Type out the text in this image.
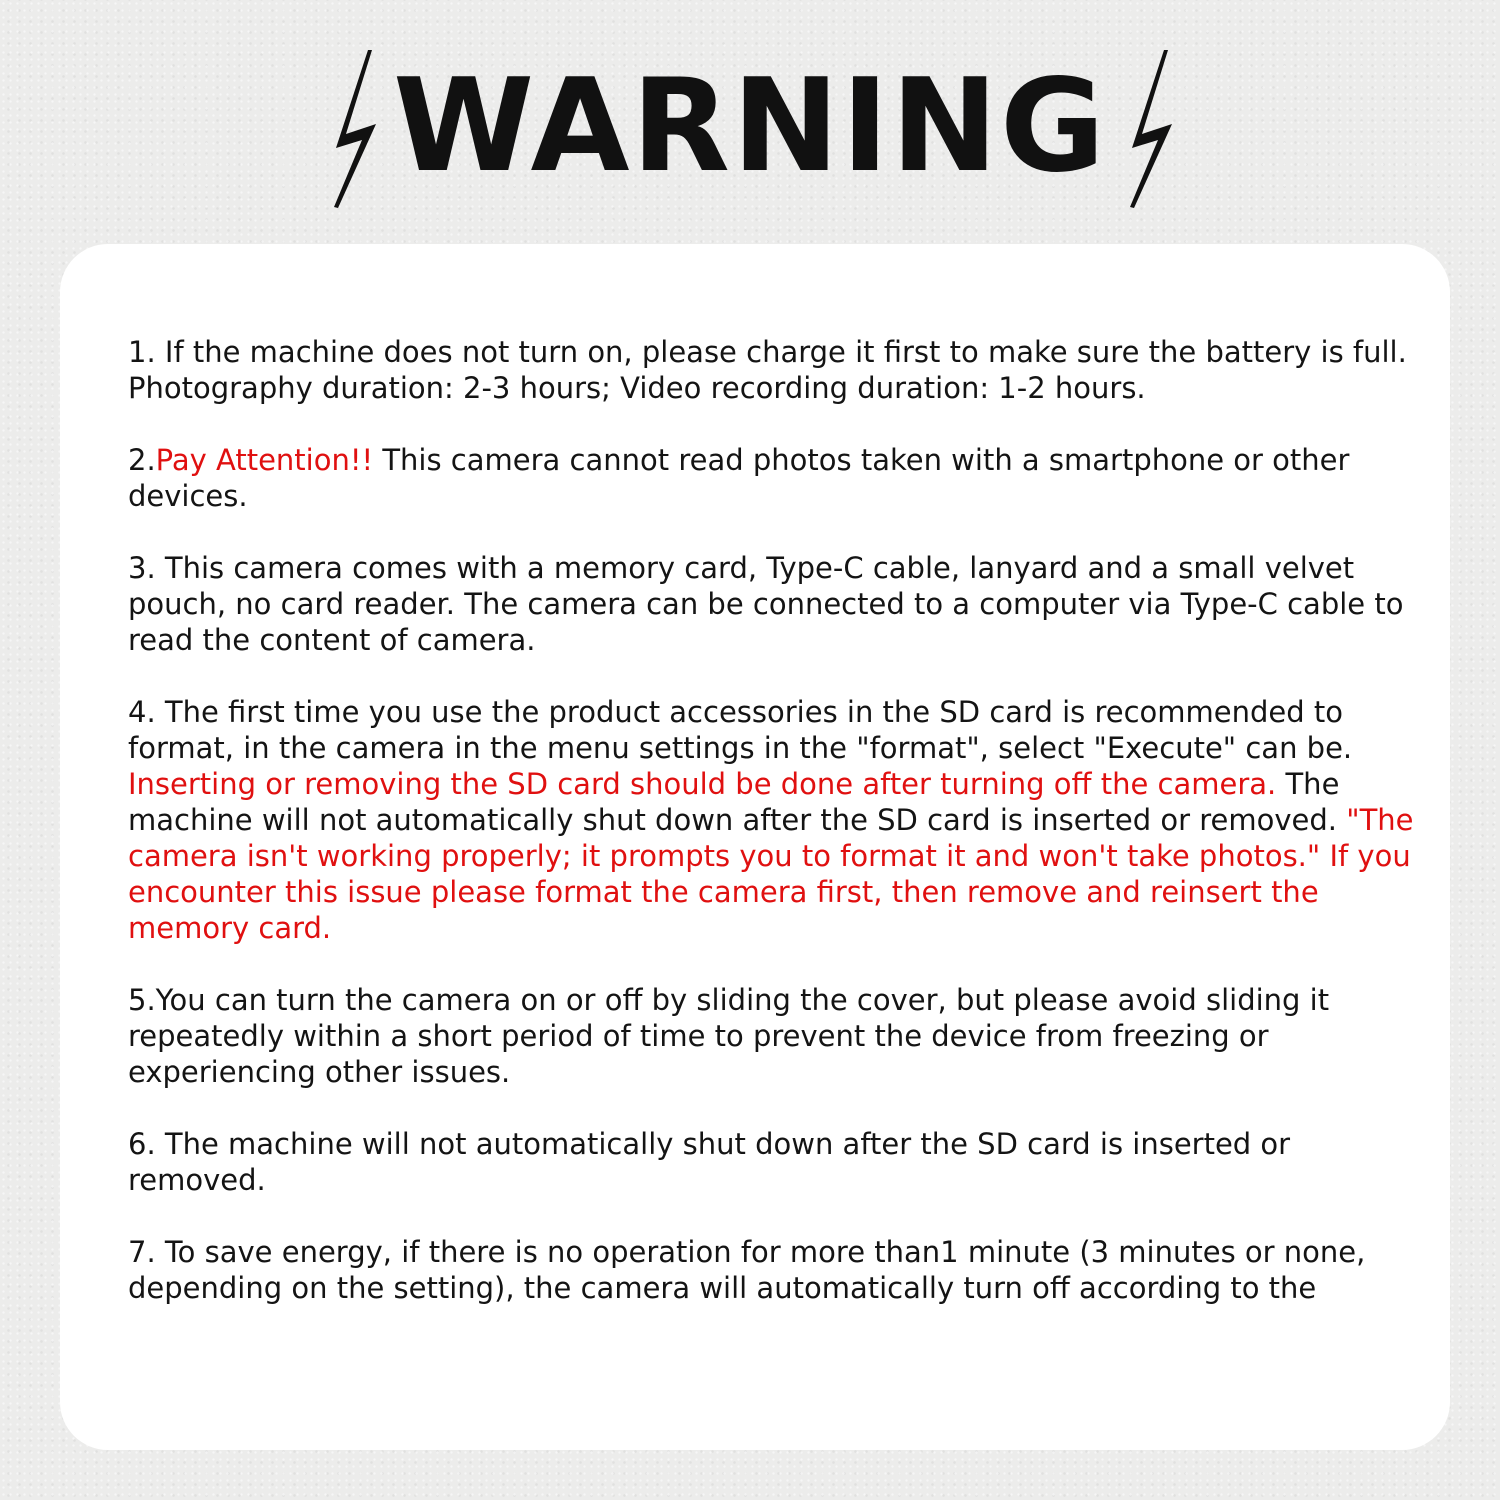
WARNING

1. If the machine does not turn on, please charge it first to make sure the battery is full. Photography duration: 2-3 hours; Video recording duration: 1-2 hours.

2.Pay Attention!! This camera cannot read photos taken with a smartphone or other devices.

3. This camera comes with a memory card, Type-C cable, lanyard and a small velvet pouch, no card reader. The camera can be connected to a computer via Type-C cable to read the content of camera.

4. The first time you use the product accessories in the SD card is recommended to format, in the camera in the menu settings in the "format", select "Execute" can be. Inserting or removing the SD card should be done after turning off the camera. The machine will not automatically shut down after the SD card is inserted or removed. "The camera isn't working properly; it prompts you to format it and won't take photos." If you encounter this issue please format the camera first, then remove and reinsert the memory card.

5.You can turn the camera on or off by sliding the cover, but please avoid sliding it repeatedly within a short period of time to prevent the device from freezing or experiencing other issues.

6. The machine will not automatically shut down after the SD card is inserted or removed.

7. To save energy, if there is no operation for more than1 minute (3 minutes or none, depending on the setting), the camera will automatically turn off according to the
